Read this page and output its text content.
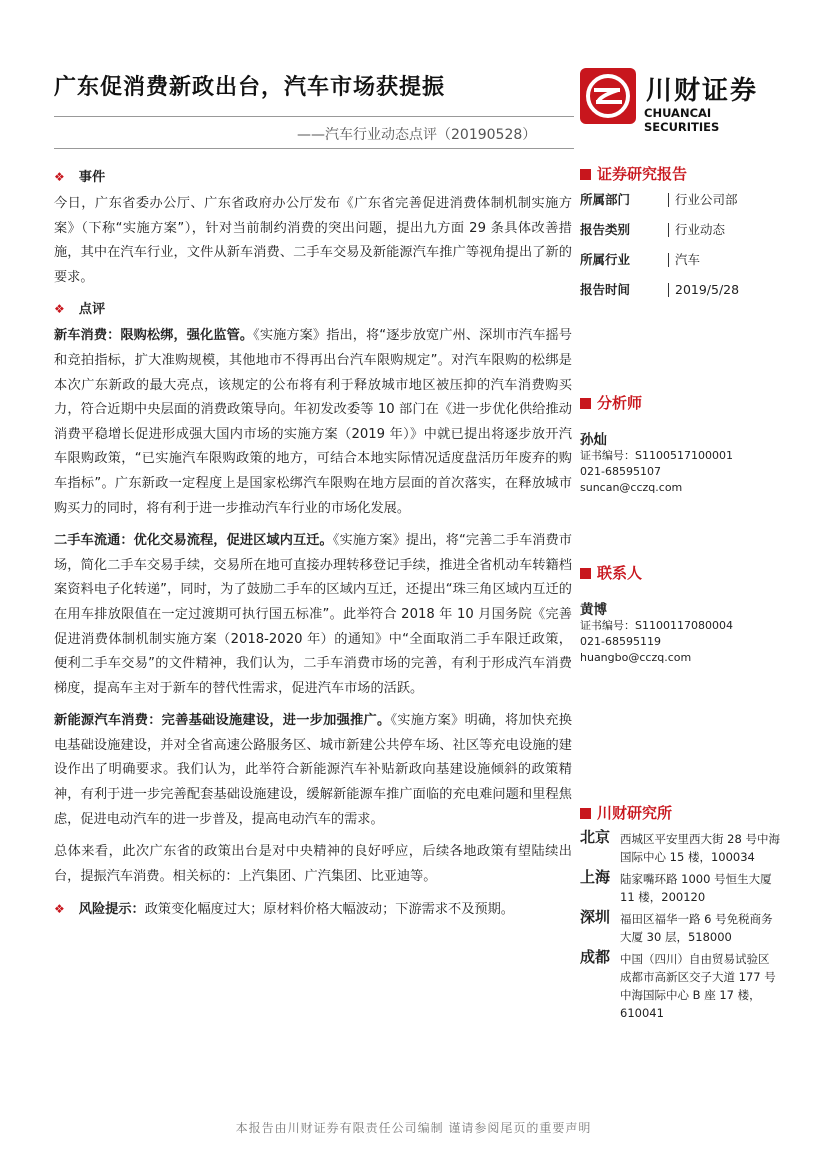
广东促消费新政出台，汽车市场获提振
——汽车行业动态点评（20190528）
川财证券
CHUANCAI SECURITIES
❖ 事件

今日，广东省委办公厅、广东省政府办公厅发布《广东省完善促进消费体制机制实施方案》（下称“实施方案”），针对当前制约消费的突出问题，提出九方面 29 条具体改善措施，其中在汽车行业，文件从新车消费、二手车交易及新能源汽车推广等视角提出了新的要求。

❖ 点评

新车消费：限购松绑，强化监管。《实施方案》指出，将“逐步放宽广州、深圳市汽车摇号和竞拍指标，扩大准购规模，其他地市不得再出台汽车限购规定”。对汽车限购的松绑是本次广东新政的最大亮点，该规定的公布将有利于释放城市地区被压抑的汽车消费购买力，符合近期中央层面的消费政策导向。年初发改委等 10 部门在《进一步优化供给推动消费平稳增长促进形成强大国内市场的实施方案（2019 年）》中就已提出将逐步放开汽车限购政策，“已实施汽车限购政策的地方，可结合本地实际情况适度盘活历年废弃的购车指标”。广东新政一定程度上是国家松绑汽车限购在地方层面的首次落实，在释放城市购买力的同时，将有利于进一步推动汽车行业的市场化发展。

二手车流通：优化交易流程，促进区域内互迁。《实施方案》提出，将“完善二手车消费市场，简化二手车交易手续，交易所在地可直接办理转移登记手续，推进全省机动车转籍档案资料电子化转递”，同时，为了鼓励二手车的区域内互迁，还提出“珠三角区域内互迁的在用车排放限值在一定过渡期可执行国五标准”。此举符合 2018 年 10 月国务院《完善促进消费体制机制实施方案（2018-2020 年）的通知》中“全面取消二手车限迁政策，便利二手车交易”的文件精神，我们认为，二手车消费市场的完善，有利于形成汽车消费梯度，提高车主对于新车的替代性需求，促进汽车市场的活跃。

新能源汽车消费：完善基础设施建设，进一步加强推广。《实施方案》明确，将加快充换电基础设施建设，并对全省高速公路服务区、城市新建公共停车场、社区等充电设施的建设作出了明确要求。我们认为，此举符合新能源汽车补贴新政向基建设施倾斜的政策精神，有利于进一步完善配套基础设施建设，缓解新能源车推广面临的充电难问题和里程焦虑，促进电动汽车的进一步普及，提高电动汽车的需求。

总体来看，此次广东省的政策出台是对中央精神的良好呼应，后续各地政策有望陆续出台，提振汽车消费。相关标的：上汽集团、广汽集团、比亚迪等。

❖ 风险提示：政策变化幅度过大；原材料价格大幅波动；下游需求不及预期。

证券研究报告
所属部门	行业公司部
报告类别	行业动态
所属行业	汽车
报告时间	2019/5/28
分析师
孙灿
证书编号：S1100517100001
021-68595107
suncan@cczq.com
联系人
黄博
证书编号：S1100117080004
021-68595119
huangbo@cczq.com
川财研究所
北京 西城区平安里西大街 28 号中海国际中心 15 楼，100034
上海 陆家嘴环路 1000 号恒生大厦 11 楼，200120
深圳 福田区福华一路 6 号免税商务大厦 30 层，518000
成都 中国（四川）自由贸易试验区成都市高新区交子大道 177 号中海国际中心 B 座 17 楼，610041
本报告由川财证券有限责任公司编制 谨请参阅尾页的重要声明
